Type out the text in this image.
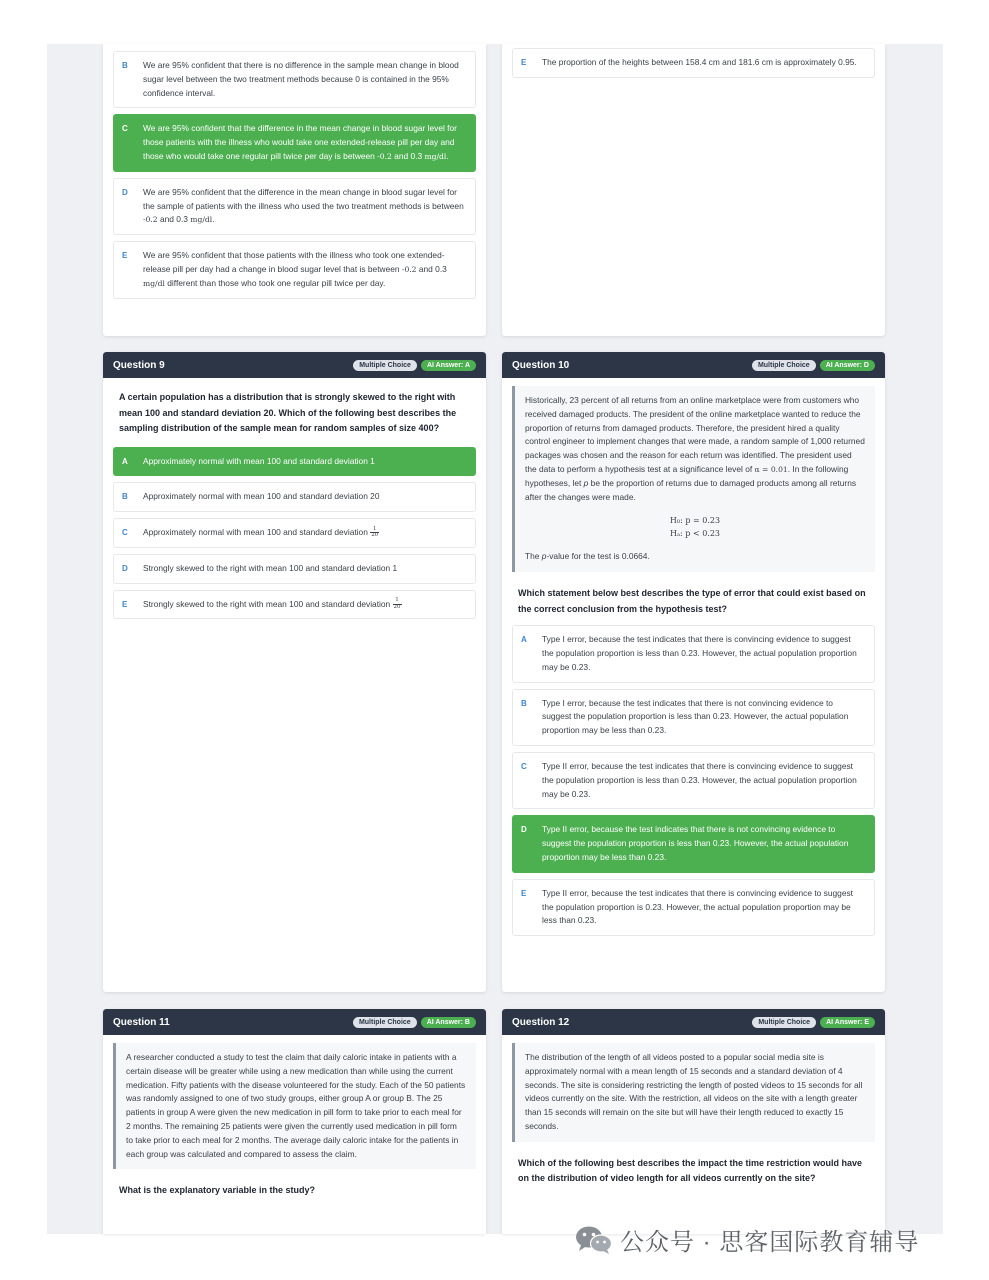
B	We are 95% confident that there is no difference in the sample mean change in blood sugar level between the two treatment methods because 0 is contained in the 95% confidence interval.
C	We are 95% confident that the difference in the mean change in blood sugar level for those patients with the illness who would take one extended-release pill per day and those who would take one regular pill twice per day is between -0.2 and 0.3 mg/dl.
D	We are 95% confident that the difference in the mean change in blood sugar level for the sample of patients with the illness who used the two treatment methods is between -0.2 and 0.3 mg/dl.
E	We are 95% confident that those patients with the illness who took one extended-release pill per day had a change in blood sugar level that is between -0.2 and 0.3 mg/dl different than those who took one regular pill twice per day.
E	The proportion of the heights between 158.4 cm and 181.6 cm is approximately 0.95.
Question 9	Multiple Choice	AI Answer: A
A certain population has a distribution that is strongly skewed to the right with mean 100 and standard deviation 20. Which of the following best describes the sampling distribution of the sample mean for random samples of size 400?
A	Approximately normal with mean 100 and standard deviation 1
B	Approximately normal with mean 100 and standard deviation 20
C	Approximately normal with mean 100 and standard deviation $\frac{1}{20}$
D	Strongly skewed to the right with mean 100 and standard deviation 1
E	Strongly skewed to the right with mean 100 and standard deviation $\frac{1}{20}$
Question 10	Multiple Choice	AI Answer: D
Historically, 23 percent of all returns from an online marketplace were from customers who received damaged products. The president of the online marketplace wanted to reduce the proportion of returns from damaged products. Therefore, the president hired a quality control engineer to implement changes that were made, a random sample of 1,000 returned packages was chosen and the reason for each return was identified. The president used the data to perform a hypothesis test at a significance level of α = 0.01. In the following hypotheses, let p be the proportion of returns due to damaged products among all returns after the changes were made.
H₀: p = 0.23
Hₐ: p < 0.23
The p-value for the test is 0.0664.
Which statement below best describes the type of error that could exist based on the correct conclusion from the hypothesis test?
A	Type I error, because the test indicates that there is convincing evidence to suggest the population proportion is less than 0.23. However, the actual population proportion may be 0.23.
B	Type I error, because the test indicates that there is not convincing evidence to suggest the population proportion is less than 0.23. However, the actual population proportion may be less than 0.23.
C	Type II error, because the test indicates that there is convincing evidence to suggest the population proportion is less than 0.23. However, the actual population proportion may be 0.23.
D	Type II error, because the test indicates that there is not convincing evidence to suggest the population proportion is less than 0.23. However, the actual population proportion may be less than 0.23.
E	Type II error, because the test indicates that there is convincing evidence to suggest the population proportion is 0.23. However, the actual population proportion may be less than 0.23.
Question 11	Multiple Choice	AI Answer: B
A researcher conducted a study to test the claim that daily caloric intake in patients with a certain disease will be greater while using a new medication than while using the current medication. Fifty patients with the disease volunteered for the study. Each of the 50 patients was randomly assigned to one of two study groups, either group A or group B. The 25 patients in group A were given the new medication in pill form to take prior to each meal for 2 months. The remaining 25 patients were given the currently used medication in pill form to take prior to each meal for 2 months. The average daily caloric intake for the patients in each group was calculated and compared to assess the claim.
What is the explanatory variable in the study?
Question 12	Multiple Choice	AI Answer: E
The distribution of the length of all videos posted to a popular social media site is approximately normal with a mean length of 15 seconds and a standard deviation of 4 seconds. The site is considering restricting the length of posted videos to 15 seconds for all videos currently on the site. With the restriction, all videos on the site with a length greater than 15 seconds will remain on the site but will have their length reduced to exactly 15 seconds.
Which of the following best describes the impact the time restriction would have on the distribution of video length for all videos currently on the site?
公众号 · 思客国际教育辅导
